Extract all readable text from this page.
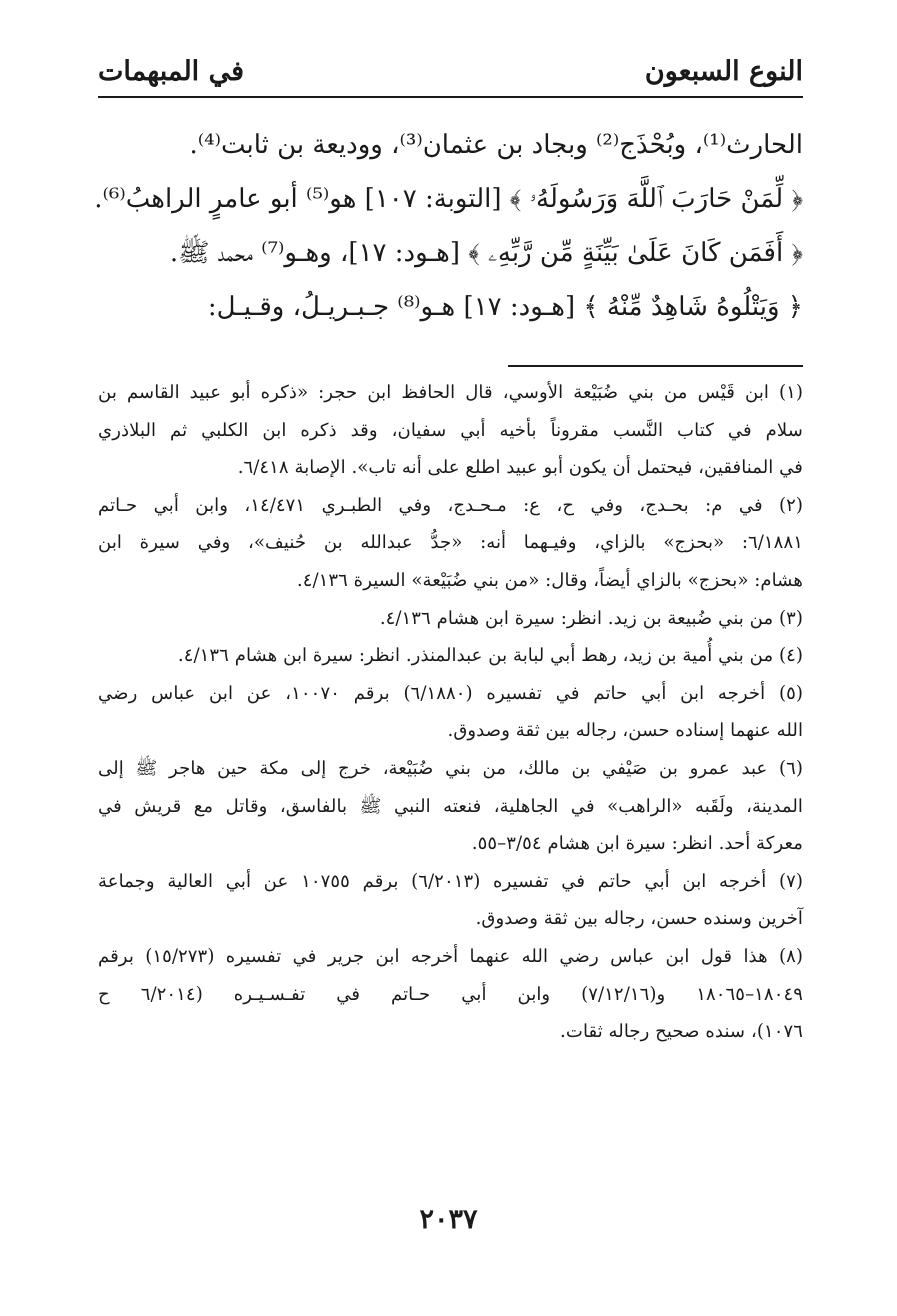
النوع السبعون
في المبهمات
الحارث⁽¹⁾، وبُحْذَج⁽²⁾ وبجاد بن عثمان⁽³⁾، ووديعة بن ثابت⁽⁴⁾.
﴿ لِّمَنْ حَارَبَ ٱللَّهَ وَرَسُولَهُۥ ﴾ [التوبة: ١٠٧] هو⁽⁵⁾ أبو عامرٍ الراهبُ⁽⁶⁾.
﴿ أَفَمَن كَانَ عَلَىٰ بَيِّنَةٍ مِّن رَّبِّهِۦ ﴾ [هـود: ١٧]، وهـو⁽⁷⁾ محمد ﷺ.
﴿ وَيَتْلُوهُ شَاهِدٌ مِّنْهُ ﴾ [هـود: ١٧] هـو⁽⁸⁾ جـبـريـلُ، وقـيـل:
(١) ابن قَيْس من بني ضُبَيْعة الأوسي، قال الحافظ ابن حجر: «ذكره أبو عبيد القاسم بن
سلام في كتاب النَّسب مقروناً بأخيه أبي سفيان، وقد ذكره ابن الكلبي ثم البلاذري
في المنافقين، فيحتمل أن يكون أبو عبيد اطلع على أنه تاب». الإصابة ٦/٤١٨.
(٢) في م: بحـدج، وفي ح، ع: مـحـدج، وفي الطبـري ١٤/٤٧١، وابن أبي حـاتم
٦/١٨٨١: «بحزج» بالزاي، وفيـهما أنه: «جدُّ عبدالله بن حُنيف»، وفي سيرة ابن
هشام: «بحزج» بالزاي أيضاً، وقال: «من بني ضُبَيْعة» السيرة ٤/١٣٦.
(٣) من بني ضُبيعة بن زيد. انظر: سيرة ابن هشام ٤/١٣٦.
(٤) من بني أُمية بن زيد، رهط أبي لبابة بن عبدالمنذر. انظر: سيرة ابن هشام ٤/١٣٦.
(٥) أخرجه ابن أبي حاتم في تفسيره (٦/١٨٨٠) برقم ١٠٠٧٠، عن ابن عباس رضي
الله عنهما إسناده حسن، رجاله بين ثقة وصدوق.
(٦) عبد عمرو بن صَيْفي بن مالك، من بني ضُبَيْعة، خرج إلى مكة حين هاجر ﷺ إلى
المدينة، ولَقَبه «الراهب» في الجاهلية، فنعته النبي ﷺ بالفاسق، وقاتل مع قريش في
معركة أحد. انظر: سيرة ابن هشام ٣/٥٤–٥٥.
(٧) أخرجه ابن أبي حاتم في تفسيره (٦/٢٠١٣) برقم ١٠٧٥٥ عن أبي العالية وجماعة
آخرين وسنده حسن، رجاله بين ثقة وصدوق.
(٨) هذا قول ابن عباس رضي الله عنهما أخرجه ابن جرير في تفسيره (١٥/٢٧٣) برقم
١٨٠٤٩–١٨٠٦٥ و(٧/١٢/١٦) وابن أبي حـاتم في تفـسـيـره (٦/٢٠١٤ ح
١٠٧٦)، سنده صحيح رجاله ثقات.
٢٠٣٧
